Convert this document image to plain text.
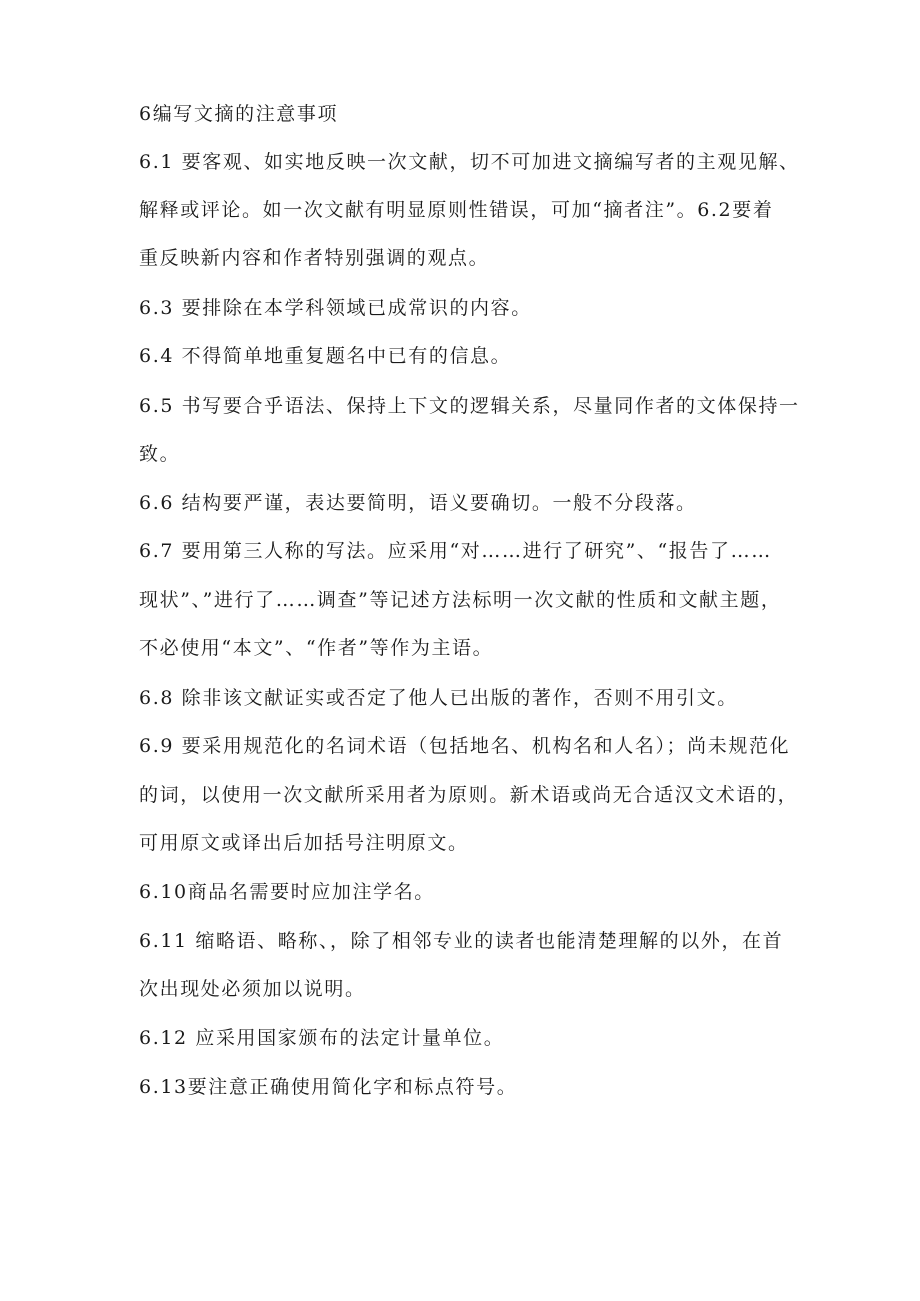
6编写文摘的注意事项
6.1 要客观、如实地反映一次文献，切不可加进文摘编写者的主观见解、
解释或评论。如一次文献有明显原则性错误，可加“摘者注”。6.2要着
重反映新内容和作者特别强调的观点。
6.3 要排除在本学科领域已成常识的内容。
6.4 不得简单地重复题名中已有的信息。
6.5 书写要合乎语法、保持上下文的逻辑关系，尽量同作者的文体保持一
致。
6.6 结构要严谨，表达要简明，语义要确切。一般不分段落。
6.7 要用第三人称的写法。应采用“对……进行了研究”、“报告了……
现状”、”进行了……调查”等记述方法标明一次文献的性质和文献主题，
不必使用“本文”、“作者”等作为主语。
6.8 除非该文献证实或否定了他人已出版的著作，否则不用引文。
6.9 要采用规范化的名词术语（包括地名、机构名和人名）；尚未规范化
的词，以使用一次文献所采用者为原则。新术语或尚无合适汉文术语的，
可用原文或译出后加括号注明原文。
6.10商品名需要时应加注学名。
6.11 缩略语、略称、，除了相邻专业的读者也能清楚理解的以外，在首
次出现处必须加以说明。
6.12 应采用国家颁布的法定计量单位。
6.13要注意正确使用简化字和标点符号。
